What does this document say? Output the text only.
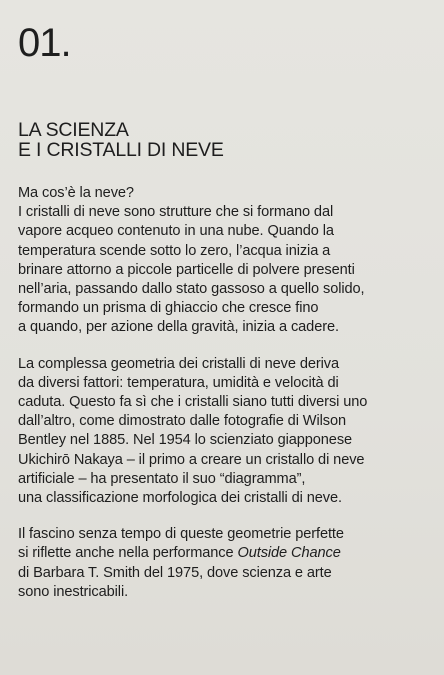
01.
LA SCIENZA
E I CRISTALLI DI NEVE

Ma cos’è la neve?
I cristalli di neve sono strutture che si formano dal
vapore acqueo contenuto in una nube. Quando la
temperatura scende sotto lo zero, l’acqua inizia a
brinare attorno a piccole particelle di polvere presenti
nell’aria, passando dallo stato gassoso a quello solido,
formando un prisma di ghiaccio che cresce fino
a quando, per azione della gravità, inizia a cadere.

La complessa geometria dei cristalli di neve deriva
da diversi fattori: temperatura, umidità e velocità di
caduta. Questo fa sì che i cristalli siano tutti diversi uno
dall’altro, come dimostrato dalle fotografie di Wilson
Bentley nel 1885. Nel 1954 lo scienziato giapponese
Ukichirō Nakaya – il primo a creare un cristallo di neve
artificiale – ha presentato il suo “diagramma”,
una classificazione morfologica dei cristalli di neve.

Il fascino senza tempo di queste geometrie perfette
si riflette anche nella performance Outside Chance
di Barbara T. Smith del 1975, dove scienza e arte
sono inestricabili.
